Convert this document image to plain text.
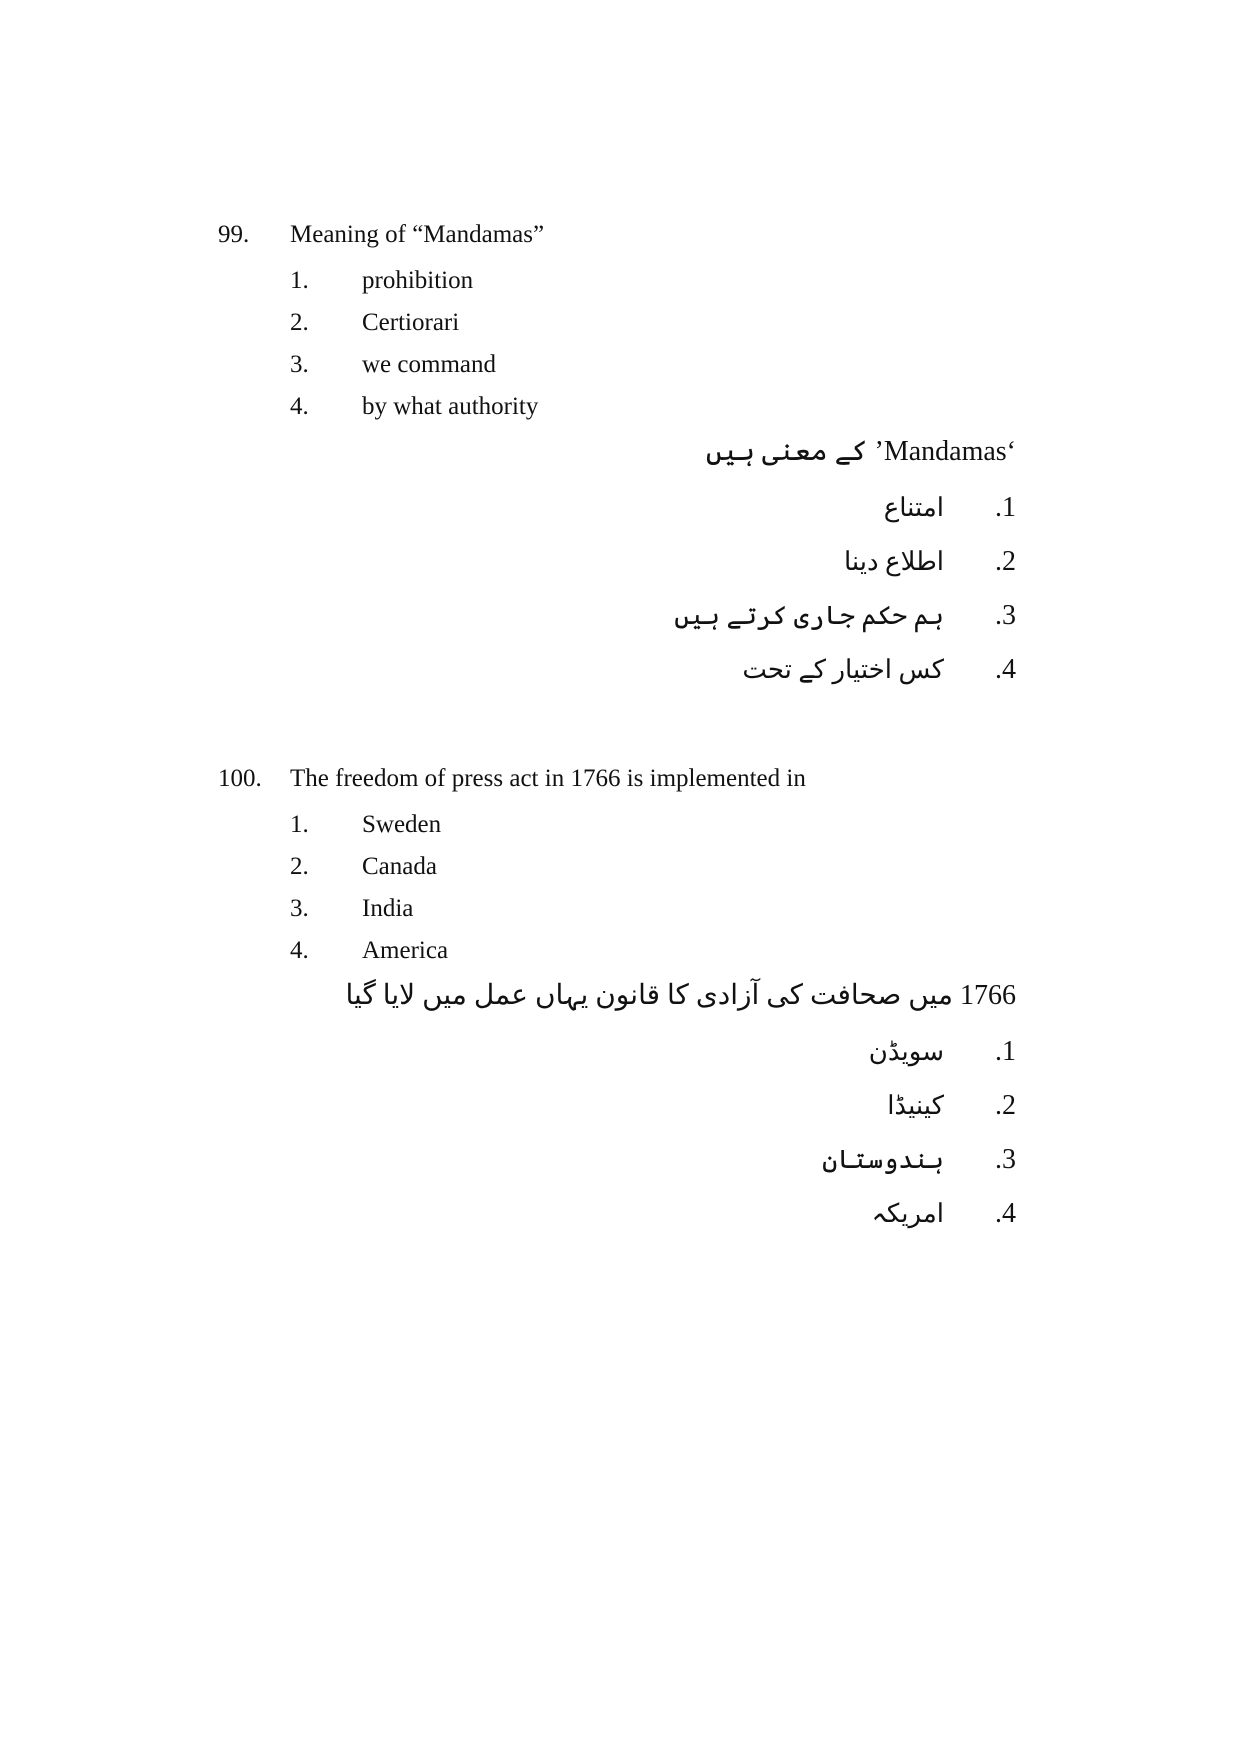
99. Meaning of “Mandamas”
1. prohibition
2. Certiorari
3. we command
4. by what authority
‘Mandamas’ کے معنی ہیں
.1
امتناع
.2
اطلاع دینا
.3
ہم حکم جاری کرتے ہیں
.4
کس اختیار کے تحت
100. The freedom of press act in 1766 is implemented in
1. Sweden
2. Canada
3. India
4. America
1766 میں صحافت کی آزادی کا قانون یہاں عمل میں لایا گیا
.1
سویڈن
.2
کینیڈا
.3
ہندوستان
.4
امریکہ
